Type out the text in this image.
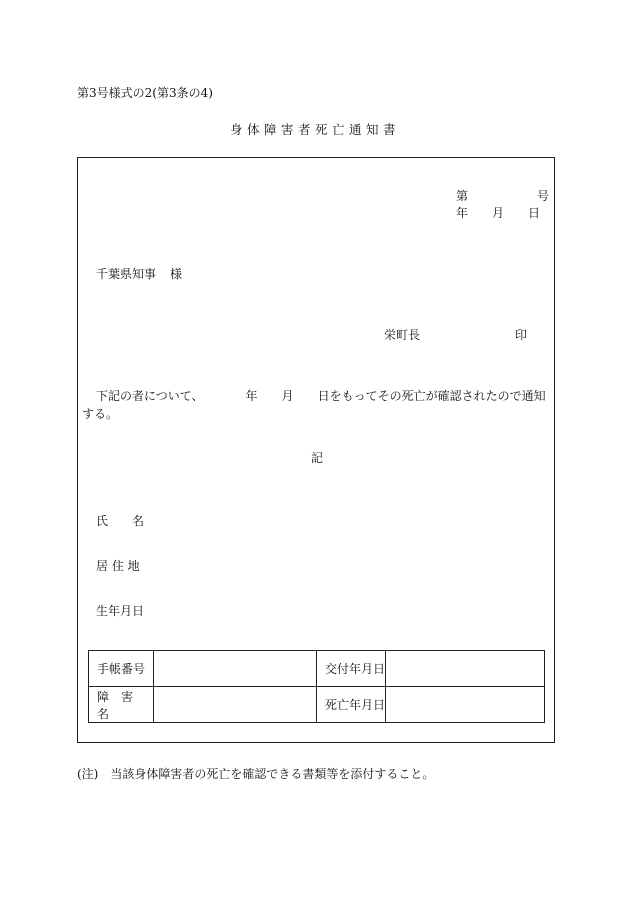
第3号様式の2(第3条の4)
身体障害者死亡通知書
第	号
年 月 日
千葉県知事 様
栄町長	印
下記の者について、	年 月 日をもってその死亡が確認されたので通知
する。
記
氏　　名
居 住 地
生年月日
手帳番号		交付年月日	
障　害　名		死亡年月日	
(注)　当該身体障害者の死亡を確認できる書類等を添付すること。
